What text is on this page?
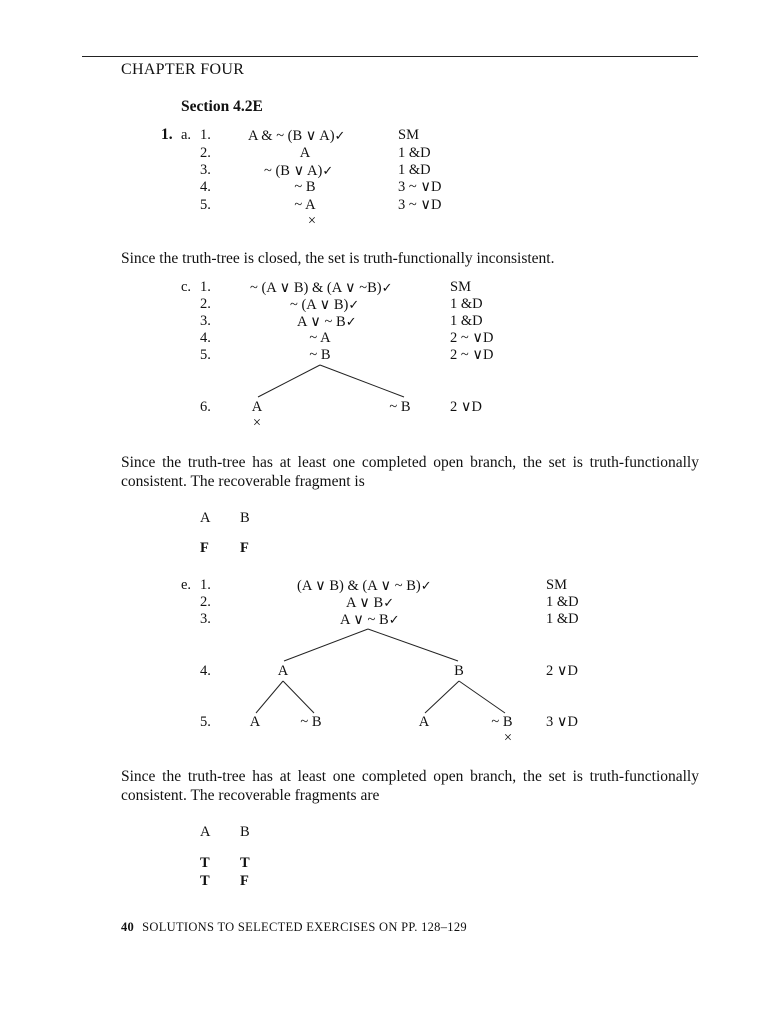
CHAPTER FOUR
Section 4.2E
1. a. 1.	A & ~ (B ∨ A)✓	SM
2.	A	1 &D
3.	~ (B ∨ A)✓	1 &D
4.	~ B	3 ~ ∨D
5.	~ A	3 ~ ∨D
×
Since the truth-tree is closed, the set is truth-functionally inconsistent.
c. 1.	~ (A ∨ B) & (A ∨ ~B)✓	SM
2.	~ (A ∨ B)✓	1 &D
3.	A ∨ ~ B✓	1 &D
4.	~ A	2 ~ ∨D
5.	~ B	2 ~ ∨D
6.	A	~ B	2 ∨D
×
Since the truth-tree has at least one completed open branch, the set is truth-functionally consistent. The recoverable fragment is
A B
F F
e. 1.	(A ∨ B) & (A ∨ ~ B)✓	SM
2.	A ∨ B✓	1 &D
3.	A ∨ ~ B✓	1 &D
4.	A	B	2 ∨D
5.	A	~ B	A	~ B 3 ∨D
×
Since the truth-tree has at least one completed open branch, the set is truth-functionally consistent. The recoverable fragments are
A B
T T
T F
40 SOLUTIONS TO SELECTED EXERCISES ON PP. 128–129
